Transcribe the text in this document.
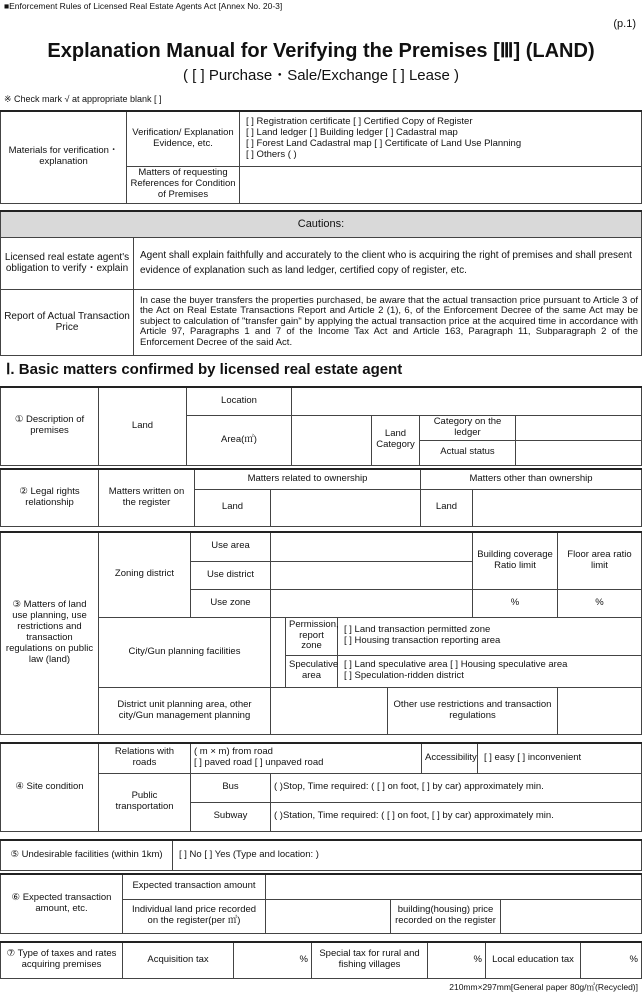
■Enforcement Rules of Licensed Real Estate Agents Act [Annex No. 20-3]
(p.1)
Explanation Manual for Verifying the Premises [Ⅲ] (LAND)
( [ ] Purchase・Sale/Exchange [ ] Lease )
※ Check mark √ at appropriate blank [ ]
Materials for verification・explanation	Verification/ Explanation Evidence, etc.	[ ] Registration certificate [ ] Certified Copy of Register
[ ] Land ledger [ ] Building ledger [ ] Cadastral map
[ ] Forest Land Cadastral map [ ] Certificate of Land Use Planning
[ ] Others ( )

	Matters of requesting References for Condition of Premises	
Cautions:	
Licensed real estate agent's obligation to verify・explain	Agent shall explain faithfully and accurately to the client who is acquiring the right of premises and shall present evidence of explanation such as land ledger, certified copy of register, etc.
Report of Actual Transaction Price	In case the buyer transfers the properties purchased, be aware that the actual transaction price pursuant to Article 3 of the Act on Real Estate Transactions Report and Article 2 (1), 6, of the Enforcement Decree of the same Act may be subject to calculation of "transfer gain" by applying the actual transaction price at the acquired time in accordance with Article 97, Paragraphs 1 and 7 of the Income Tax Act and Article 163, Paragraph 11, Subparagraph 2 of the Enforcement Decree of the said Act.
Ⅰ. Basic matters confirmed by licensed real estate agent
① Description of premises	Land	Location				
		Area(㎡)		Land Category	Category on the ledger	
					Actual status	
② Legal rights relationship	Matters written on the register	Matters related to ownership		Matters other than ownership	
		Land		Land	
③ Matters of land use planning, use restrictions and transaction regulations on public law (land)	Zoning district	Use area					Building coverage Ratio limit	Floor area ratio limit
		Use district						
		Use zone					%	%
	City/Gun planning facilities			Permission, report zone	[ ] Land transaction permitted zone
[ ] Housing transaction reporting area			

				Speculative area	[ ] Land speculative area [ ] Housing speculative area
[ ] Speculation-ridden district			

	District unit planning area, other city/Gun management planning					Other use restrictions and transaction regulations		
④ Site condition	Relations with roads	( m × m) from road
[ ] paved road [ ] unpaved road		Accessibility	[ ] easy [ ] inconvenient
	Public transportation	Bus	( )Stop, Time required: ( [ ] on foot, [ ] by car) approximately min.		
		Subway	( )Station, Time required: ( [ ] on foot, [ ] by car) approximately min.		
⑤ Undesirable facilities (within 1km)	[ ] No [ ] Yes (Type and location: )
⑥ Expected transaction amount, etc.	Expected transaction amount			
	Individual land price recorded on the register(per ㎡)		building(housing) price recorded on the register	
⑦ Type of taxes and rates acquiring premises	Acquisition tax	%	Special tax for rural and fishing villages	%	Local education tax	%
210mm×297mm[General paper 80g/㎡(Recycled)]
